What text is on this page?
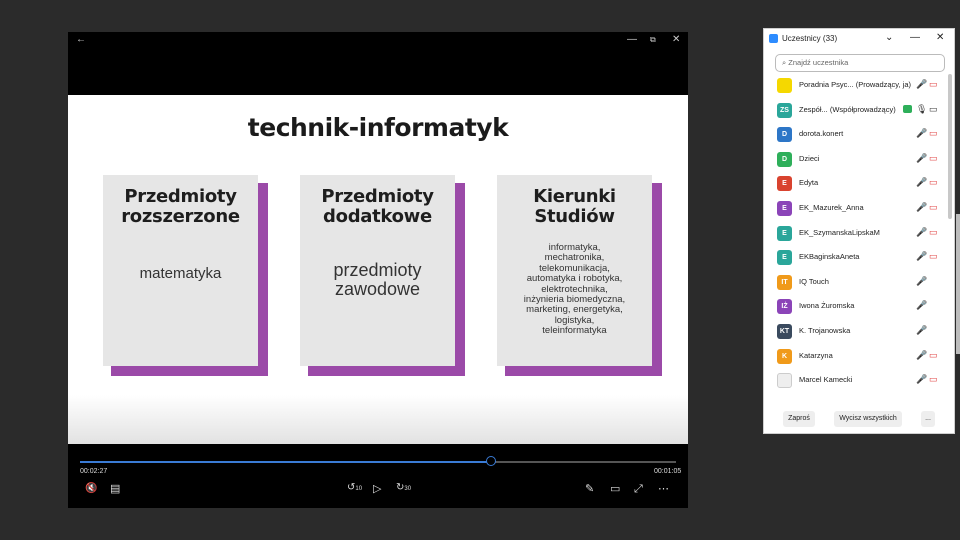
←	— ⧉ ✕
technik-informatyk
Przedmioty
rozszerzone
matematyka
Przedmioty
dodatkowe
przedmioty
zawodowe
Kierunki
Studiów
informatyka,
mechatronika,
telekomunikacja,
automatyka i robotyka,
elektrotechnika,
inżynieria biomedyczna,
marketing, energetyka,
logistyka,
teleinformatyka
00:02:27	00:01:05
🔇 ▤	↺10 ▷ ↻30	✎ ▭ ⤢ ⋯
Uczestnicy (33)	⌄ — ✕
⌕ Znajdź uczestnika
Poradnia Psyc... (Prowadzący, ja) 🎤 ▭
ZS	Zespół... (Współprowadzący) 🎙 ▭
D	dorota.konert	🎤 ▭
D	Dzieci	🎤 ▭
E	Edyta	🎤 ▭
E	EK_Mazurek_Anna	🎤 ▭
E	EK_SzymanskaLipskaM	🎤 ▭
E	EKBaginskaAneta	🎤 ▭
IT	IQ Touch	🎤
IŻ	Iwona Żuromska	🎤
KT	K. Trojanowska	🎤
K	Katarzyna	🎤 ▭
Marcel Kamecki	🎤 ▭
Zaproś	Wycisz wszystkich	...
